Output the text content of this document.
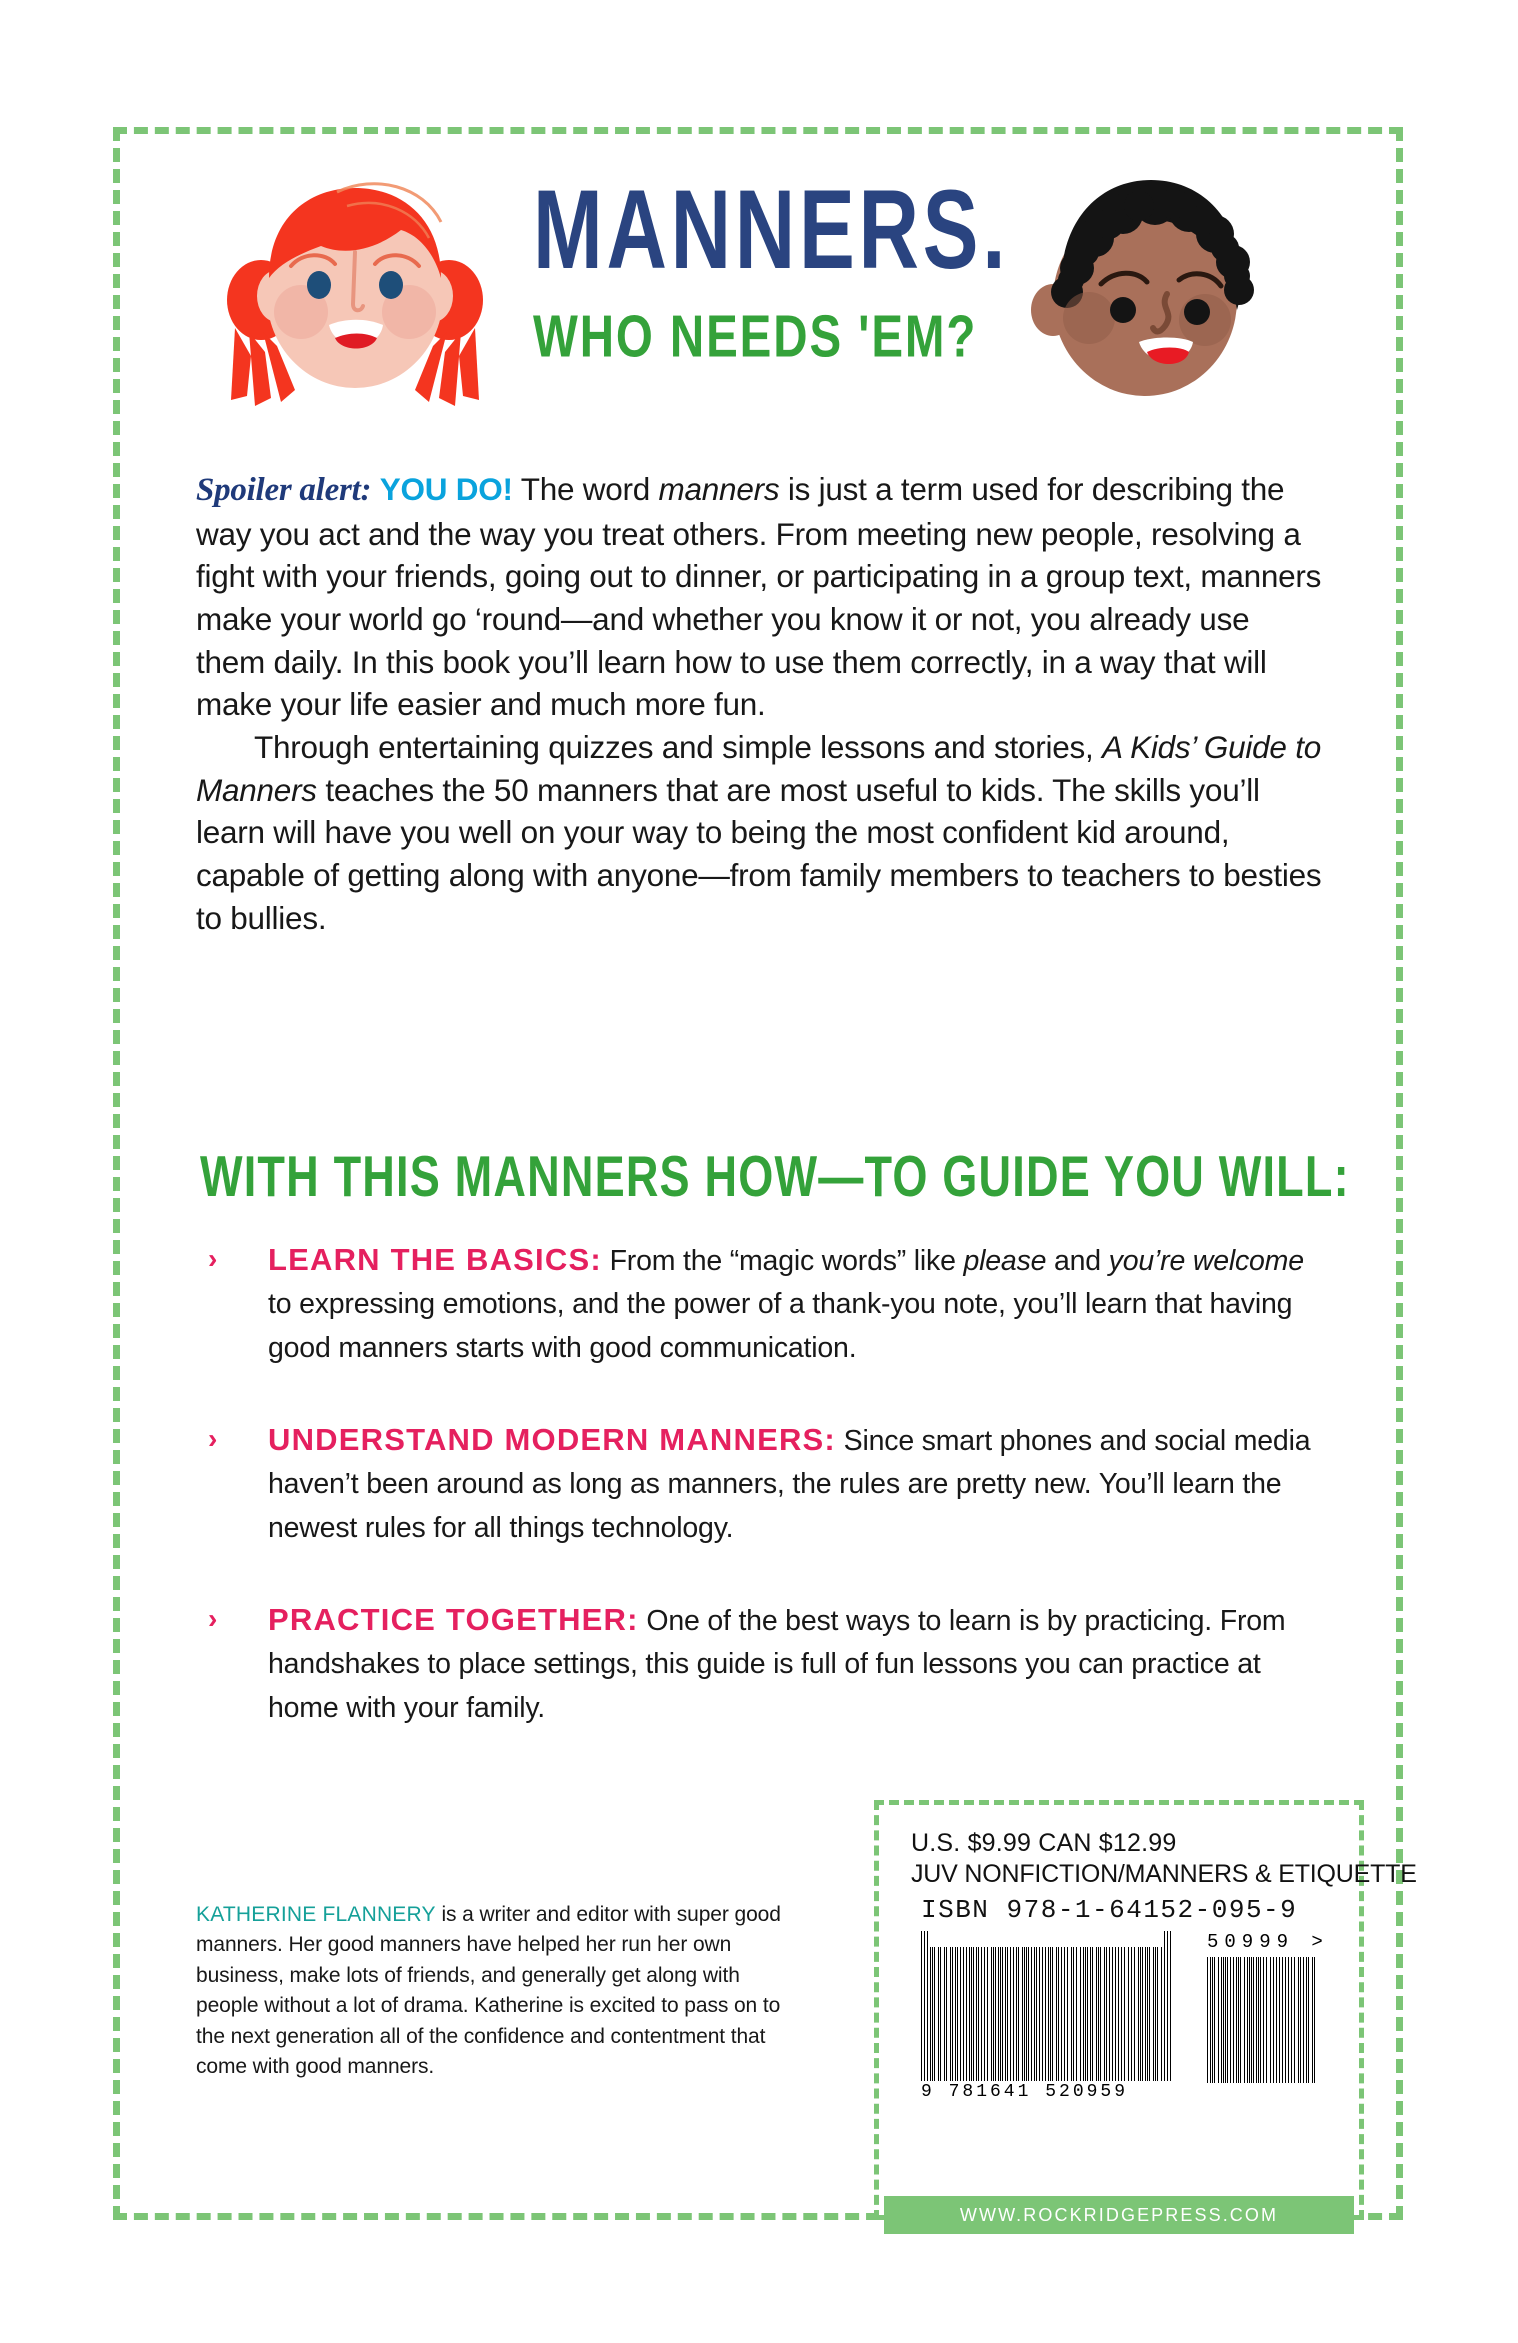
MANNERS.
WHO NEEDS 'EM?

Spoiler alert: YOU DO! The word manners is just a term used for describing the way you act and the way you treat others. From meeting new people, resolving a fight with your friends, going out to dinner, or participating in a group text, manners make your world go ‘round—and whether you know it or not, you already use them daily. In this book you’ll learn how to use them correctly, in a way that will make your life easier and much more fun.

Through entertaining quizzes and simple lessons and stories, A Kids’ Guide to Manners teaches the 50 manners that are most useful to kids. The skills you’ll learn will have you well on your way to being the most confident kid around, capable of getting along with anyone—from family members to teachers to besties to bullies.

WITH THIS MANNERS HOW—TO GUIDE YOU WILL:
› LEARN THE BASICS: From the “magic words” like please and you’re welcome to expressing emotions, and the power of a thank-you note, you’ll learn that having good manners starts with good communication.
› UNDERSTAND MODERN MANNERS: Since smart phones and social media haven’t been around as long as manners, the rules are pretty new. You’ll learn the newest rules for all things technology.
› PRACTICE TOGETHER: One of the best ways to learn is by practicing. From handshakes to place settings, this guide is full of fun lessons you can practice at home with your family.
KATHERINE FLANNERY is a writer and editor with super good manners. Her good manners have helped her run her own business, make lots of friends, and generally get along with people without a lot of drama. Katherine is excited to pass on to the next generation all of the confidence and contentment that come with good manners.
U.S. $9.99 CAN $12.99
JUV NONFICTION/MANNERS & ETIQUETTE
ISBN 978-1-64152-095-9
9 781641 520959
50999 >
WWW.ROCKRIDGEPRESS.COM
